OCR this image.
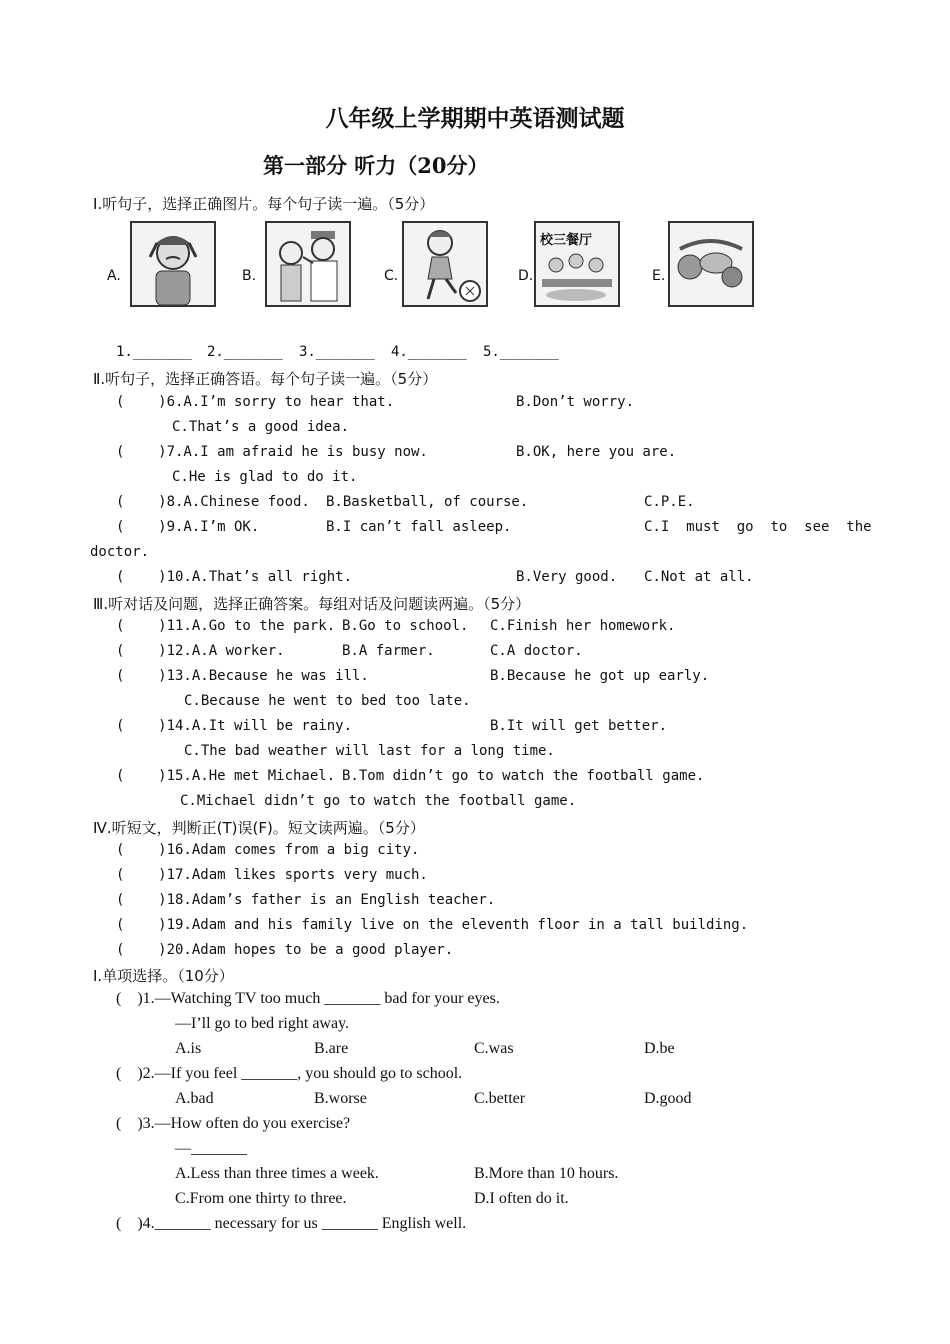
八年级上学期期中英语测试题
第一部分 听力（20分）
Ⅰ.听句子，选择正确图片。每个句子读一遍。（5分）
A.	B.	C.	D.
校三餐厅
E.
1._______ 2._______ 3._______ 4._______ 5._______
Ⅱ.听句子，选择正确答语。每个句子读一遍。（5分）
(    )6.A.I’m sorry to hear that.	B.Don’t worry.
C.That’s a good idea.
(    )7.A.I am afraid he is busy now.	B.OK, here you are.
C.He is glad to do it.
(    )8.A.Chinese food. B.Basketball, of course.	C.P.E.
(    )9.A.I’m OK.	B.I can’t fall asleep.	C.I  must  go  to  see  the
doctor.
(    )10.A.That’s all right.	B.Very good. C.Not at all.
Ⅲ.听对话及问题，选择正确答案。每组对话及问题读两遍。（5分）
(    )11.A.Go to the park. B.Go to school. C.Finish her homework.
(    )12.A.A worker.	B.A farmer.	C.A doctor.
(    )13.A.Because he was ill.	B.Because he got up early.
C.Because he went to bed too late.
(    )14.A.It will be rainy.	B.It will get better.
C.The bad weather will last for a long time.
(    )15.A.He met Michael. B.Tom didn’t go to watch the football game.
C.Michael didn’t go to watch the football game.
Ⅳ.听短文，判断正(T)误(F)。短文读两遍。（5分）
(    )16.Adam comes from a big city.
(    )17.Adam likes sports very much.
(    )18.Adam’s father is an English teacher.
(    )19.Adam and his family live on the eleventh floor in a tall building.
(    )20.Adam hopes to be a good player.
Ⅰ.单项选择。（10分）
(    )1.—Watching TV too much _______ bad for your eyes.
—I’ll go to bed right away.
A.is	B.are	C.was	D.be
(    )2.—If you feel _______, you should go to school.
A.bad	B.worse	C.better	D.good
(    )3.—How often do you exercise?
—_______
A.Less than three times a week.	B.More than 10 hours.
C.From one thirty to three.	D.I often do it.
(    )4._______ necessary for us _______ English well.
